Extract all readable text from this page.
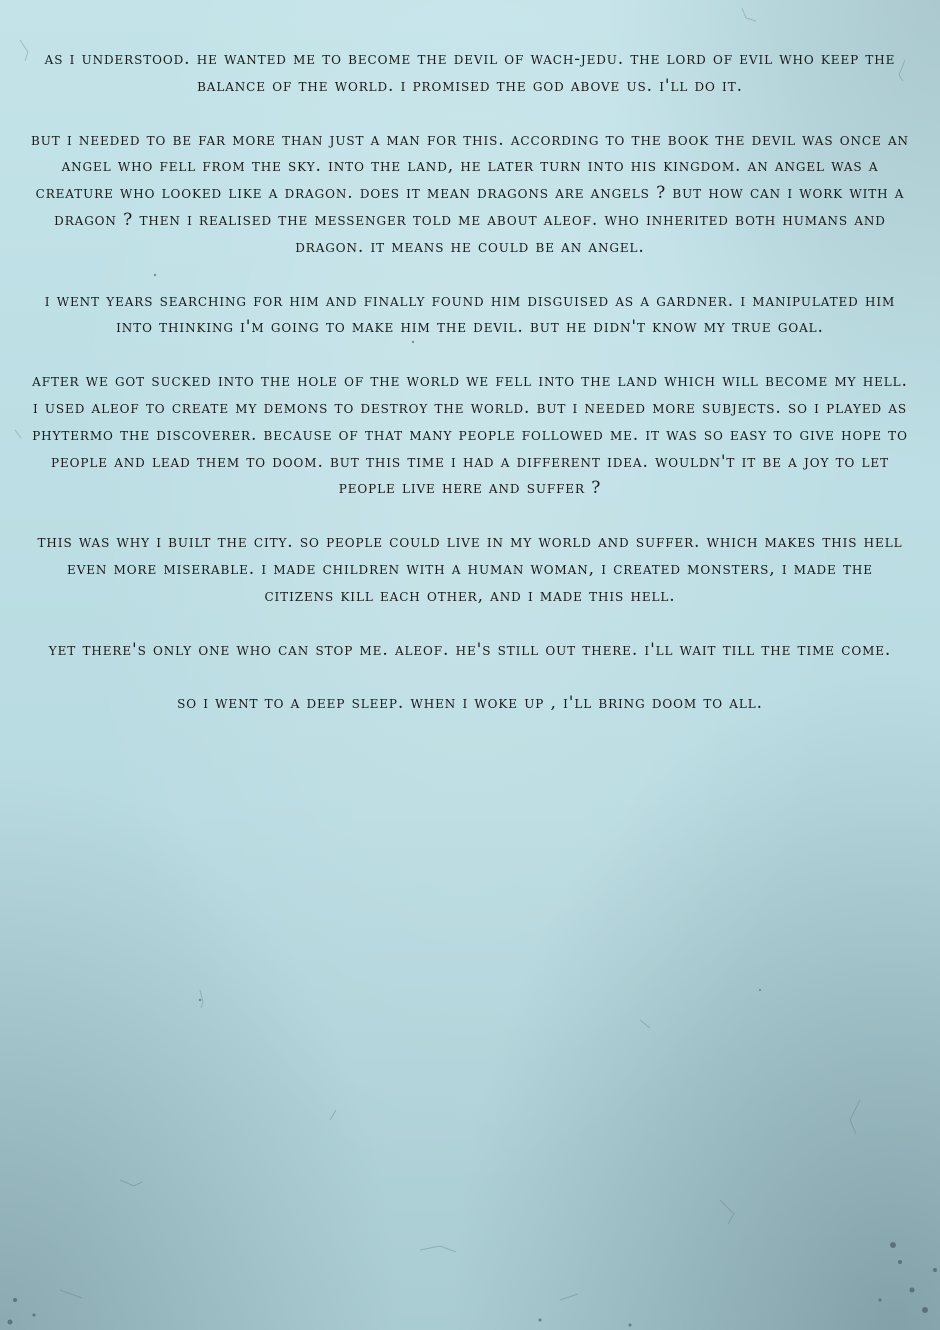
as i understood. he wanted me to become the devil of wach-jedu. the lord of evil who keep the balance of the world. i promised the god above us. i'll do it.

but i needed to be far more than just a man for this. according to the book the devil was once an angel who fell from the sky. into the land, he later turn into his kingdom. an angel was a creature who looked like a dragon. does it mean dragons are angels ? but how can i work with a dragon ? then i realised the messenger told me about aleof. who inherited both humans and dragon. it means he could be an angel.

i went years searching for him and finally found him disguised as a gardner. i manipulated him into thinking i'm going to make him the devil. but he didn't know my true goal.

after we got sucked into the hole of the world we fell into the land which will become my hell. i used aleof to create my demons to destroy the world. but i needed more subjects. so i played as phytermo the discoverer. because of that many people followed me. it was so easy to give hope to people and lead them to doom. but this time i had a different idea. wouldn't it be a joy to let people live here and suffer ?

this was why i built the city. so people could live in my world and suffer. which makes this hell even more miserable. i made children with a human woman, i created monsters, i made the citizens kill each other, and i made this hell.

yet there's only one who can stop me. aleof. he's still out there. i'll wait till the time come.

so i went to a deep sleep. when i woke up , i'll bring doom to all.
